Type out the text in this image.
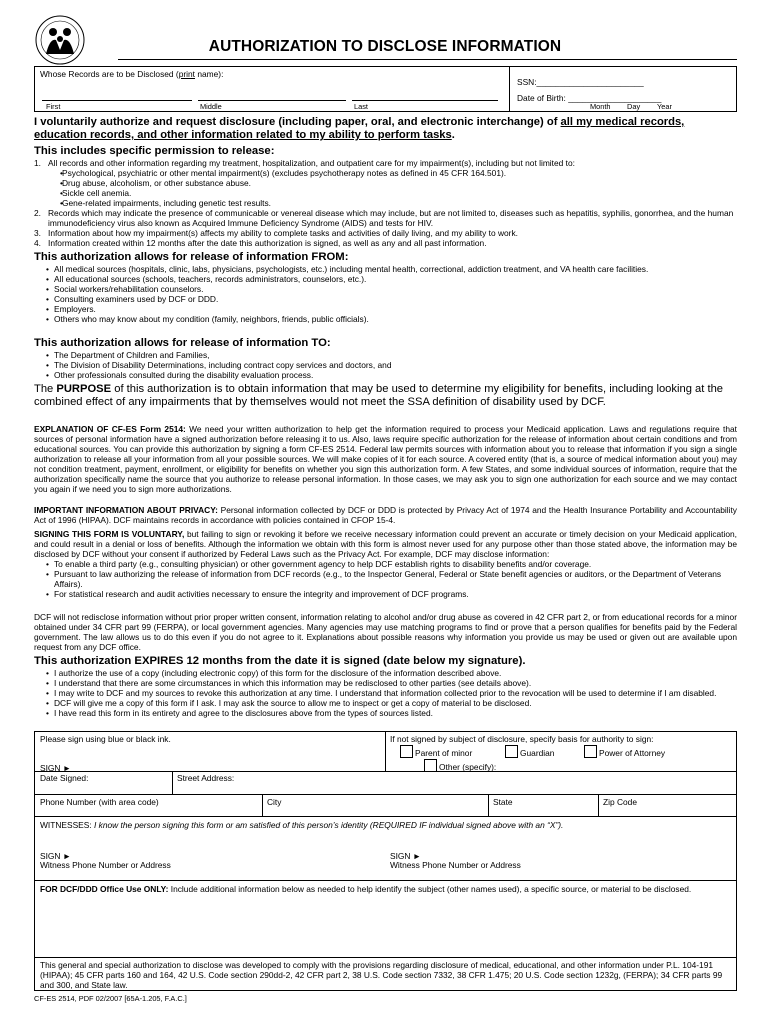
AUTHORIZATION TO DISCLOSE INFORMATION
Whose Records are to be Disclosed (print name):
First	Middle	Last
SSN:_______________________
Date of Birth: ____________________
Month Day Year
I voluntarily authorize and request disclosure (including paper, oral, and electronic interchange) of all my medical records, education records, and other information related to my ability to perform tasks.
This includes specific permission to release:
1. All records and other information regarding my treatment, hospitalization, and outpatient care for my impairment(s), including but not limited to:
• Psychological, psychiatric or other mental impairment(s) (excludes psychotherapy notes as defined in 45 CFR 164.501).
• Drug abuse, alcoholism, or other substance abuse.
• Sickle cell anemia.
• Gene-related impairments, including genetic test results.
2. Records which may indicate the presence of communicable or venereal disease which may include, but are not limited to, diseases such as hepatitis, syphilis, gonorrhea, and the human immunodeficiency virus also known as Acquired Immune Deficiency Syndrome (AIDS) and tests for HIV.
3. Information about how my impairment(s) affects my ability to complete tasks and activities of daily living, and my ability to work.
4. Information created within 12 months after the date this authorization is signed, as well as any and all past information.
This authorization allows for release of information FROM:
• All medical sources (hospitals, clinic, labs, physicians, psychologists, etc.) including mental health, correctional, addiction treatment, and VA health care facilities.
• All educational sources (schools, teachers, records administrators, counselors, etc.).
• Social workers/rehabilitation counselors.
• Consulting examiners used by DCF or DDD.
• Employers.
• Others who may know about my condition (family, neighbors, friends, public officials).
This authorization allows for release of information TO:
• The Department of Children and Families,
• The Division of Disability Determinations, including contract copy services and doctors, and
• Other professionals consulted during the disability evaluation process.
The PURPOSE of this authorization is to obtain information that may be used to determine my eligibility for benefits, including looking at the combined effect of any impairments that by themselves would not meet the SSA definition of disability used by DCF.
EXPLANATION OF CF-ES Form 2514: We need your written authorization to help get the information required to process your Medicaid application. Laws and regulations require that sources of personal information have a signed authorization before releasing it to us. Also, laws require specific authorization for the release of information about certain conditions and from educational sources. You can provide this authorization by signing a form CF-ES 2514. Federal law permits sources with information about you to release that information if you sign a single authorization to release all your information from all your possible sources. We will make copies of it for each source. A covered entity (that is, a source of medical information about you) may not condition treatment, payment, enrollment, or eligibility for benefits on whether you sign this authorization form. A few States, and some individual sources of information, require that the authorization specifically name the source that you authorize to release personal information. In those cases, we may ask you to sign one authorization for each source and we may contact you again if we need you to sign more authorizations.
IMPORTANT INFORMATION ABOUT PRIVACY: Personal information collected by DCF or DDD is protected by Privacy Act of 1974 and the Health Insurance Portability and Accountability Act of 1996 (HIPAA). DCF maintains records in accordance with policies contained in CFOP 15-4.
SIGNING THIS FORM IS VOLUNTARY, but failing to sign or revoking it before we receive necessary information could prevent an accurate or timely decision on your Medicaid application, and could result in a denial or loss of benefits. Although the information we obtain with this form is almost never used for any purpose other than those stated above, the information may be disclosed by DCF without your consent if authorized by Federal Laws such as the Privacy Act. For example, DCF may disclose information:
• To enable a third party (e.g., consulting physician) or other government agency to help DCF establish rights to disability benefits and/or coverage.
• Pursuant to law authorizing the release of information from DCF records (e.g., to the Inspector General, Federal or State benefit agencies or auditors, or the Department of Veterans Affairs).
• For statistical research and audit activities necessary to ensure the integrity and improvement of DCF programs.
DCF will not redisclose information without prior proper written consent, information relating to alcohol and/or drug abuse as covered in 42 CFR part 2, or from educational records for a minor obtained under 34 CFR part 99 (FERPA), or local government agencies. Many agencies may use matching programs to find or prove that a person qualifies for benefits paid by the Federal government. The law allows us to do this even if you do not agree to it. Explanations about possible reasons why information you provide us may be used or given out are available upon request from any DCF office.
This authorization EXPIRES 12 months from the date it is signed (date below my signature).
• I authorize the use of a copy (including electronic copy) of this form for the disclosure of the information described above.
• I understand that there are some circumstances in which this information may be redisclosed to other parties (see details above).
• I may write to DCF and my sources to revoke this authorization at any time. I understand that information collected prior to the revocation will be used to determine if I am disabled.
• DCF will give me a copy of this form if I ask. I may ask the source to allow me to inspect or get a copy of material to be disclosed.
• I have read this form in its entirety and agree to the disclosures above from the types of sources listed.
Please sign using blue or black ink.	If not signed by subject of disclosure, specify basis for authority to sign:
Parent of minor	Guardian	Power of Attorney
Other (specify):
SIGN ►
Date Signed:	Street Address:
Phone Number (with area code)	City	State	Zip Code
WITNESSES: I know the person signing this form or am satisfied of this person’s identity (REQUIRED IF individual signed above with an “X”).
SIGN ►
Witness Phone Number or Address
SIGN ►
Witness Phone Number or Address
FOR DCF/DDD Office Use ONLY: Include additional information below as needed to help identify the subject (other names used), a specific source, or material to be disclosed.
This general and special authorization to disclose was developed to comply with the provisions regarding disclosure of medical, educational, and other information under P.L. 104-191 (HIPAA); 45 CFR parts 160 and 164, 42 U.S. Code section 290dd-2, 42 CFR part 2, 38 U.S. Code section 7332, 38 CFR 1.475; 20 U.S. Code section 1232g, (FERPA); 34 CFR parts 99 and 300, and State law.
CF-ES 2514, PDF 02/2007 [65A-1.205, F.A.C.]
